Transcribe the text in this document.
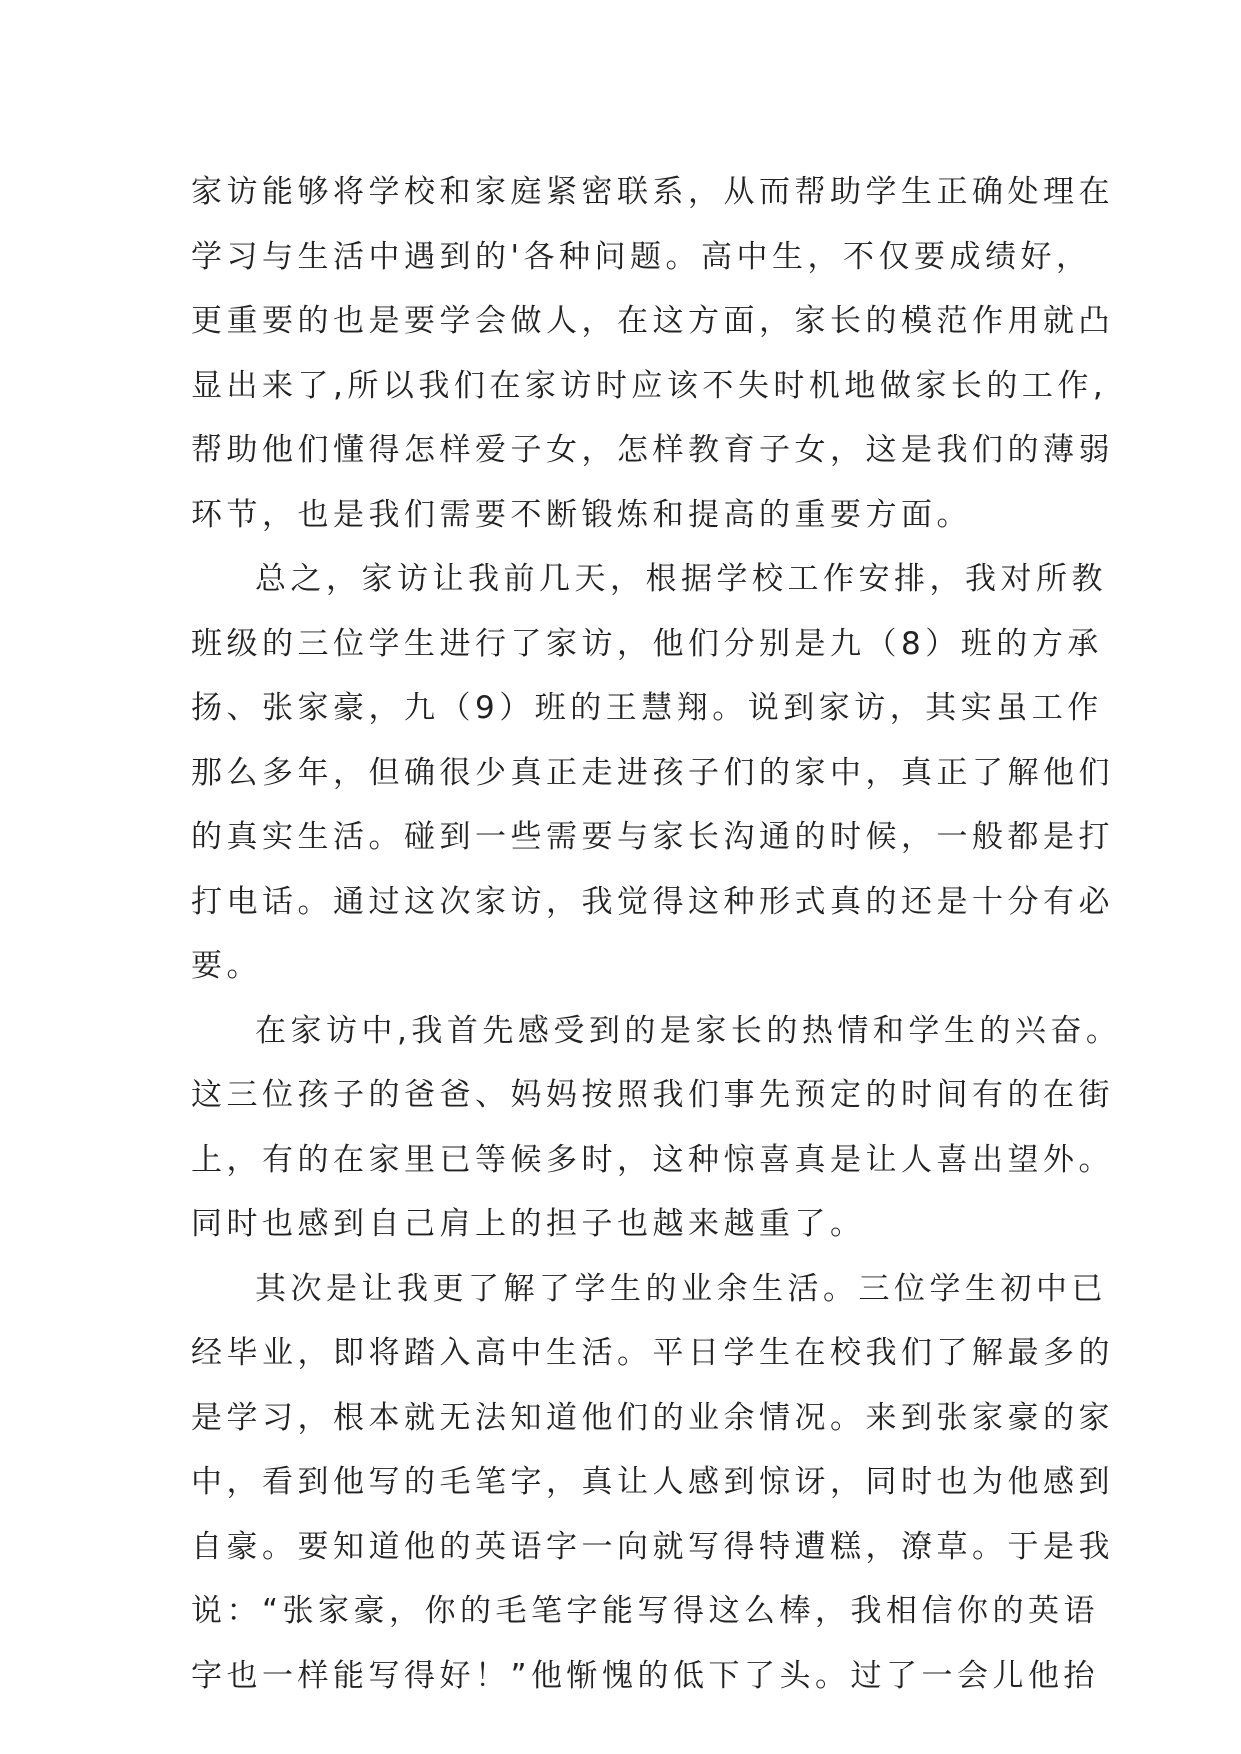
家访能够将学校和家庭紧密联系，从而帮助学生正确处理在
学习与生活中遇到的'各种问题。高中生，不仅要成绩好，
更重要的也是要学会做人，在这方面，家长的模范作用就凸
显出来了,所以我们在家访时应该不失时机地做家长的工作,
帮助他们懂得怎样爱子女，怎样教育子女，这是我们的薄弱
环节，也是我们需要不断锻炼和提高的重要方面。
总之，家访让我前几天，根据学校工作安排，我对所教
班级的三位学生进行了家访，他们分别是九（8）班的方承
扬、张家豪，九（9）班的王慧翔。说到家访，其实虽工作
那么多年，但确很少真正走进孩子们的家中，真正了解他们
的真实生活。碰到一些需要与家长沟通的时候，一般都是打
打电话。通过这次家访，我觉得这种形式真的还是十分有必
要。
在家访中,我首先感受到的是家长的热情和学生的兴奋。
这三位孩子的爸爸、妈妈按照我们事先预定的时间有的在街
上，有的在家里已等候多时，这种惊喜真是让人喜出望外。
同时也感到自己肩上的担子也越来越重了。
其次是让我更了解了学生的业余生活。三位学生初中已
经毕业，即将踏入高中生活。平日学生在校我们了解最多的
是学习，根本就无法知道他们的业余情况。来到张家豪的家
中，看到他写的毛笔字，真让人感到惊讶，同时也为他感到
自豪。要知道他的英语字一向就写得特遭糕，潦草。于是我
说：“张家豪，你的毛笔字能写得这么棒，我相信你的英语
字也一样能写得好！”他惭愧的低下了头。过了一会儿他抬
